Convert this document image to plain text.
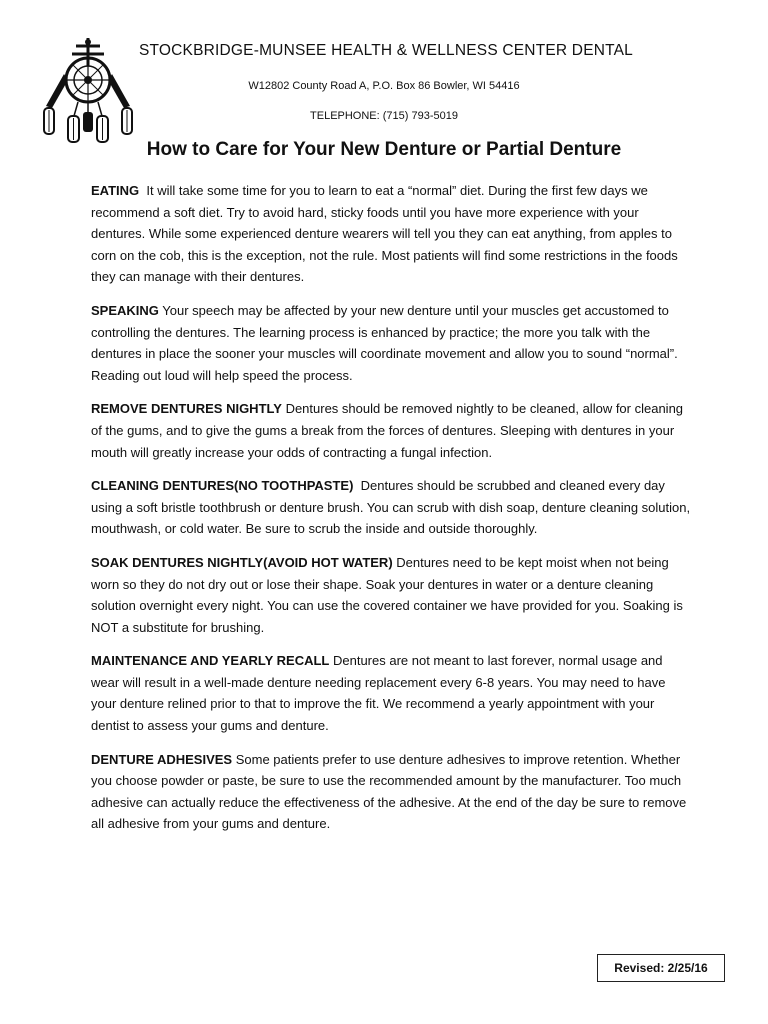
STOCKBRIDGE-MUNSEE HEALTH & WELLNESS CENTER DENTAL
W12802 County Road A, P.O. Box 86 Bowler, WI 54416
TELEPHONE: (715) 793-5019
How to Care for Your New Denture or Partial Denture

EATING It will take some time for you to learn to eat a “normal” diet. During the first few days we recommend a soft diet. Try to avoid hard, sticky foods until you have more experience with your dentures. While some experienced denture wearers will tell you they can eat anything, from apples to corn on the cob, this is the exception, not the rule. Most patients will find some restrictions in the foods they can manage with their dentures.

SPEAKING Your speech may be affected by your new denture until your muscles get accustomed to controlling the dentures. The learning process is enhanced by practice; the more you talk with the dentures in place the sooner your muscles will coordinate movement and allow you to sound “normal”. Reading out loud will help speed the process.

REMOVE DENTURES NIGHTLY Dentures should be removed nightly to be cleaned, allow for cleaning of the gums, and to give the gums a break from the forces of dentures. Sleeping with dentures in your mouth will greatly increase your odds of contracting a fungal infection.

CLEANING DENTURES(NO TOOTHPASTE) Dentures should be scrubbed and cleaned every day using a soft bristle toothbrush or denture brush. You can scrub with dish soap, denture cleaning solution, mouthwash, or cold water. Be sure to scrub the inside and outside thoroughly.

SOAK DENTURES NIGHTLY(AVOID HOT WATER) Dentures need to be kept moist when not being worn so they do not dry out or lose their shape. Soak your dentures in water or a denture cleaning solution overnight every night. You can use the covered container we have provided for you. Soaking is NOT a substitute for brushing.

MAINTENANCE AND YEARLY RECALL Dentures are not meant to last forever, normal usage and wear will result in a well-made denture needing replacement every 6-8 years. You may need to have your denture relined prior to that to improve the fit. We recommend a yearly appointment with your dentist to assess your gums and denture.

DENTURE ADHESIVES Some patients prefer to use denture adhesives to improve retention. Whether you choose powder or paste, be sure to use the recommended amount by the manufacturer. Too much adhesive can actually reduce the effectiveness of the adhesive. At the end of the day be sure to remove all adhesive from your gums and denture.

Revised: 2/25/16
